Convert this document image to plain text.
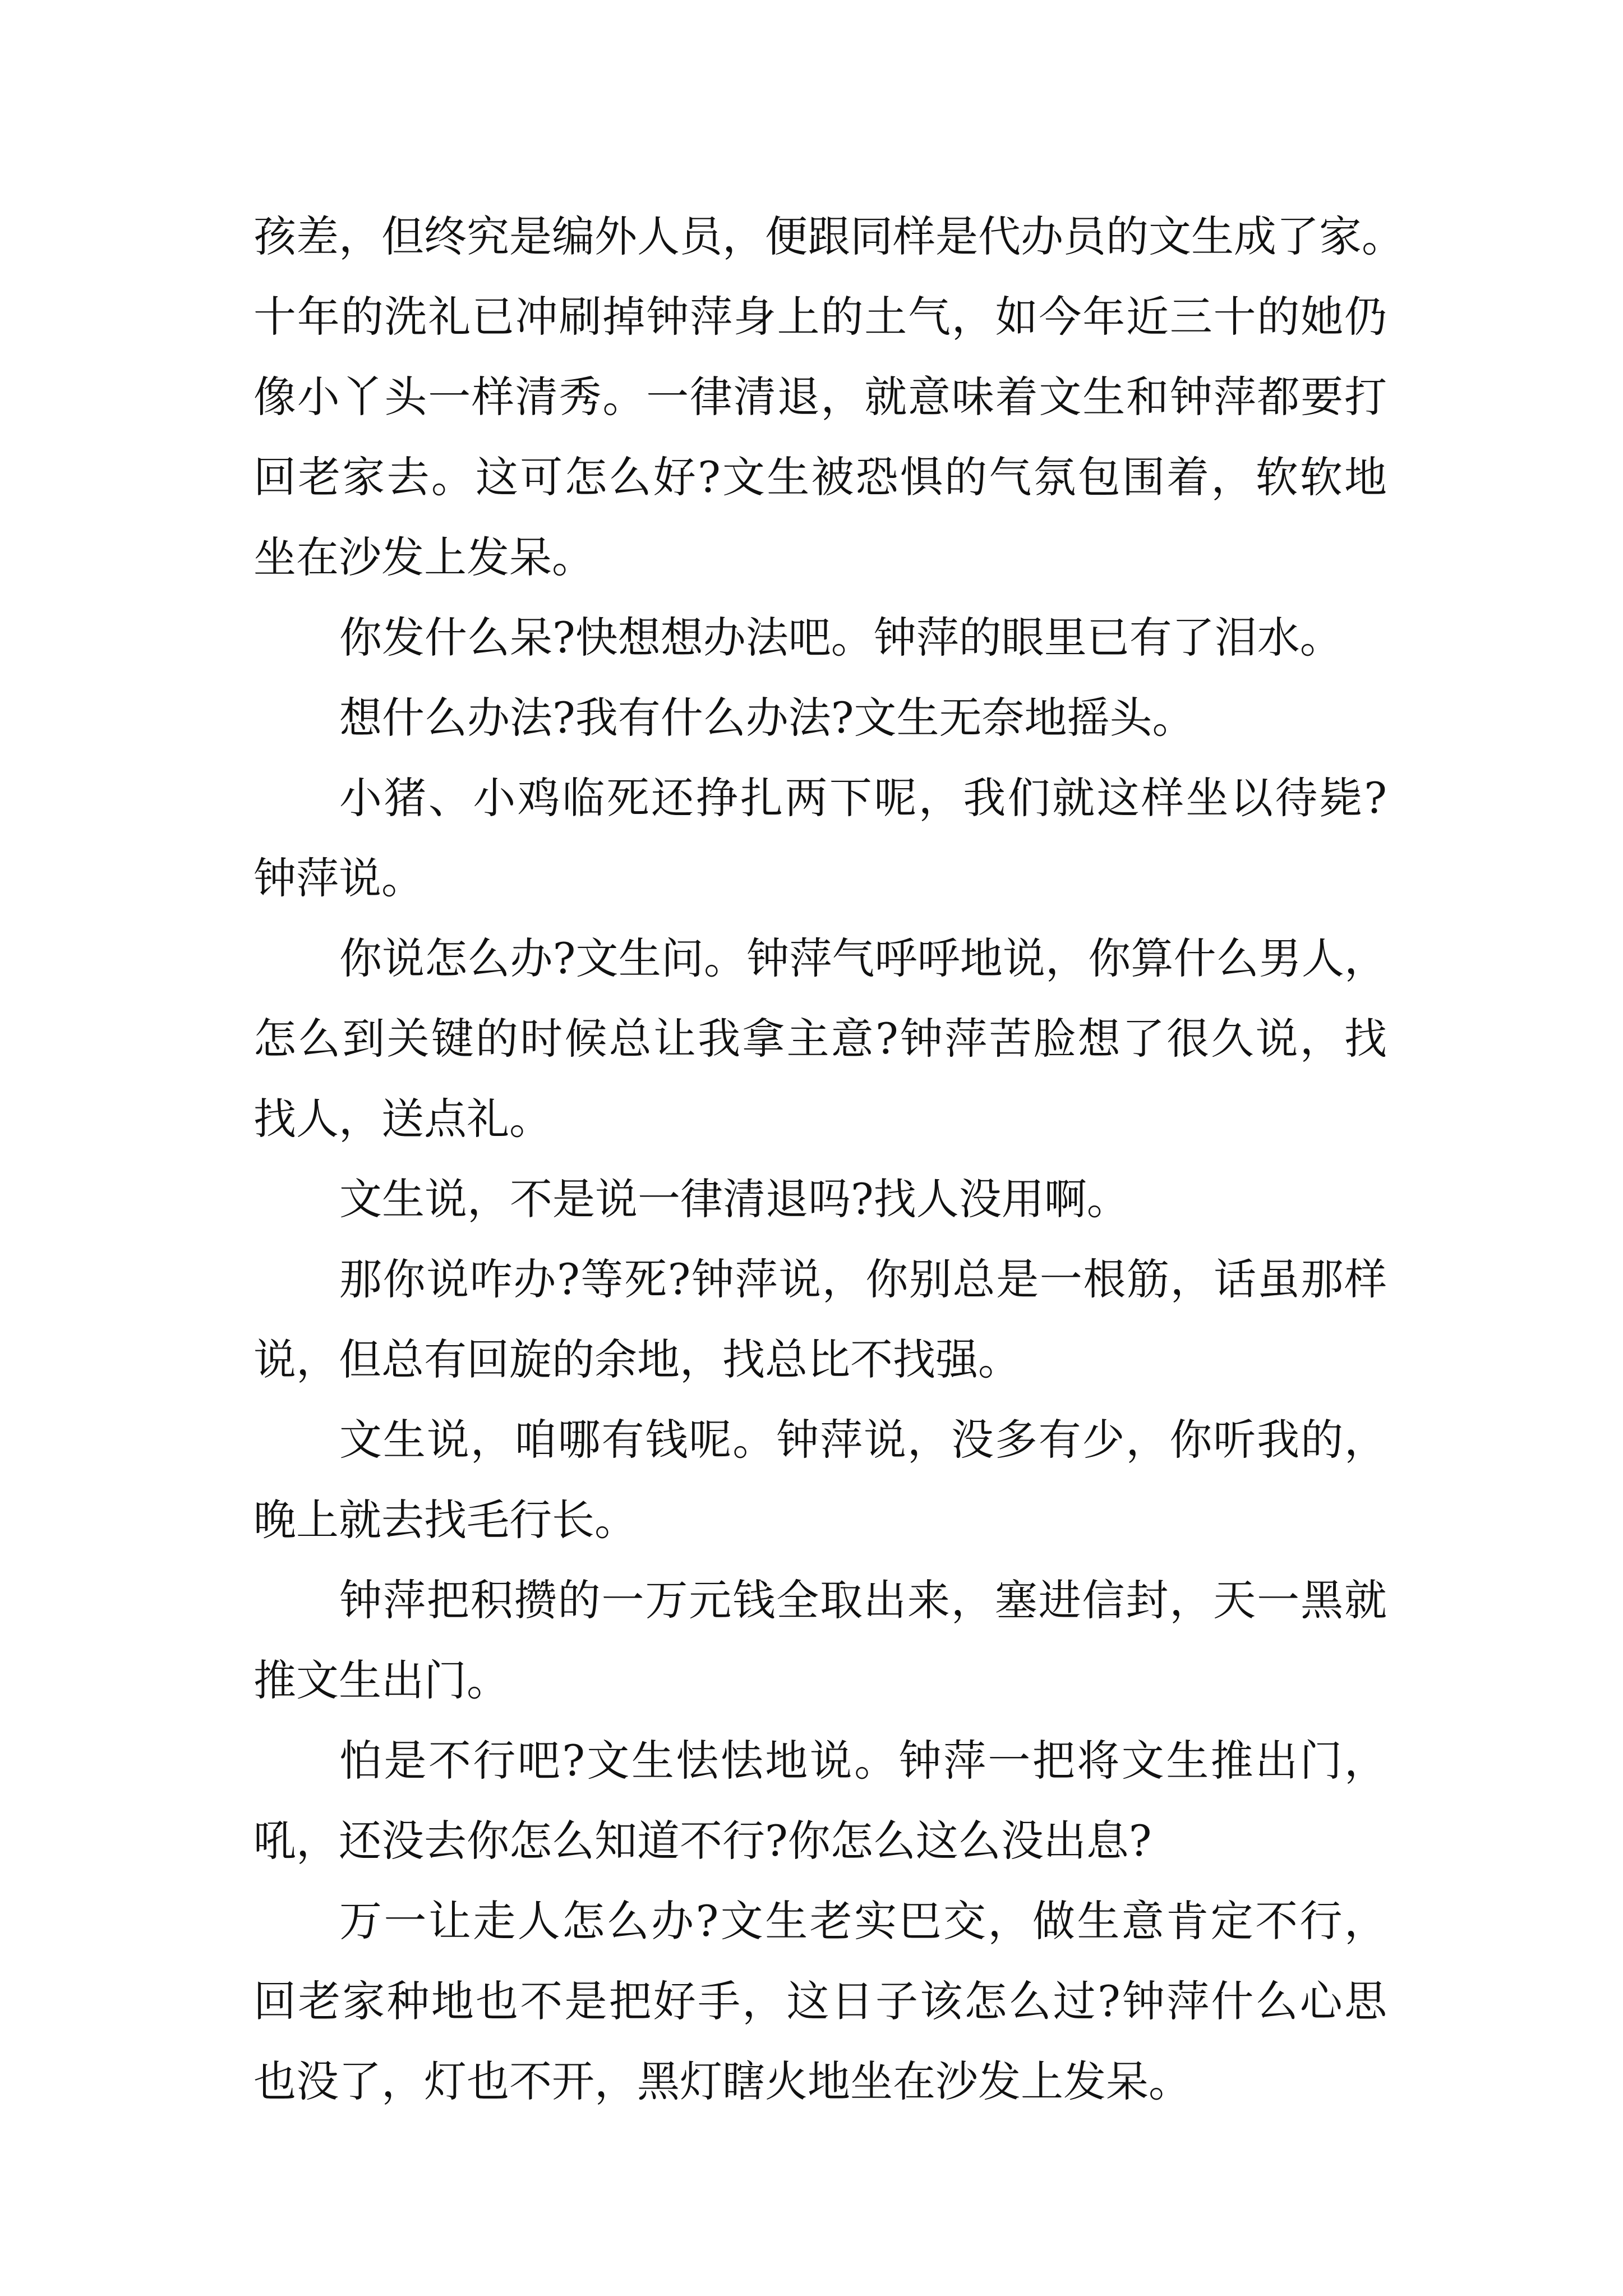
孩差，但终究是编外人员，便跟同样是代办员的文生成了家。
十年的洗礼已冲刷掉钟萍身上的土气，如今年近三十的她仍
像小丫头一样清秀。一律清退，就意味着文生和钟萍都要打
回老家去。这可怎么好?文生被恐惧的气氛包围着，软软地
坐在沙发上发呆。
你发什么呆?快想想办法吧。钟萍的眼里已有了泪水。
想什么办法?我有什么办法?文生无奈地摇头。
小猪、小鸡临死还挣扎两下呢，我们就这样坐以待毙?
钟萍说。
你说怎么办?文生问。钟萍气呼呼地说，你算什么男人，
怎么到关键的时候总让我拿主意?钟萍苦脸想了很久说，找
找人，送点礼。
文生说，不是说一律清退吗?找人没用啊。
那你说咋办?等死?钟萍说，你别总是一根筋，话虽那样
说，但总有回旋的余地，找总比不找强。
文生说，咱哪有钱呢。钟萍说，没多有少，你听我的，
晚上就去找毛行长。
钟萍把积攒的一万元钱全取出来，塞进信封，天一黑就
推文生出门。
怕是不行吧?文生怯怯地说。钟萍一把将文生推出门，
吼，还没去你怎么知道不行?你怎么这么没出息?
万一让走人怎么办?文生老实巴交，做生意肯定不行，
回老家种地也不是把好手，这日子该怎么过?钟萍什么心思
也没了，灯也不开，黑灯瞎火地坐在沙发上发呆。
